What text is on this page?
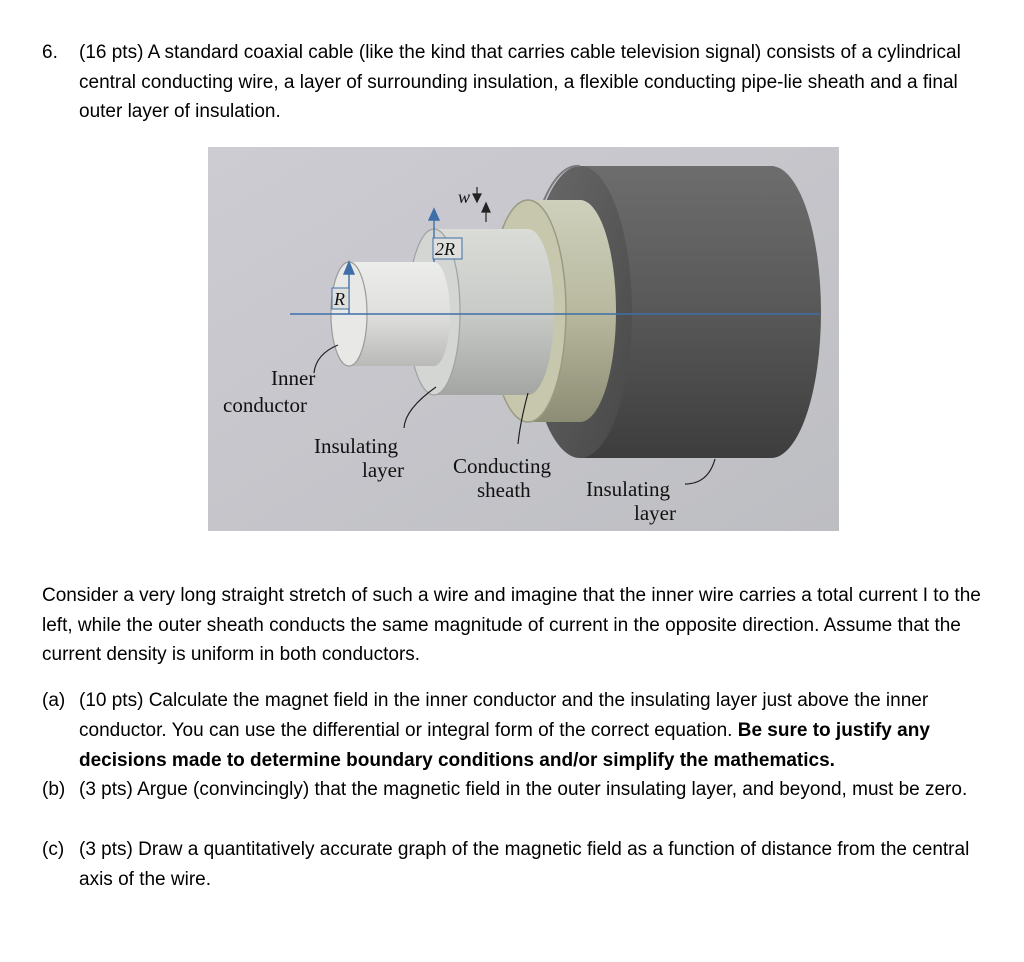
6. (16 pts) A standard coaxial cable (like the kind that carries cable television signal) consists of a cylindrical central conducting wire, a layer of surrounding insulation, a flexible conducting pipe-lie sheath and a final outer layer of insulation.
w
2R
R
Inner
conductor
Insulating
layer Conducting
sheath	Insulating
layer
Consider a very long straight stretch of such a wire and imagine that the inner wire carries a total current I to the left, while the outer sheath conducts the same magnitude of current in the opposite direction. Assume that the current density is uniform in both conductors.
(a) (10 pts) Calculate the magnet field in the inner conductor and the insulating layer just above the inner conductor. You can use the differential or integral form of the correct equation. Be sure to justify any decisions made to determine boundary conditions and/or simplify the mathematics.
(b) (3 pts) Argue (convincingly) that the magnetic field in the outer insulating layer, and beyond, must be zero.
(c) (3 pts) Draw a quantitatively accurate graph of the magnetic field as a function of distance from the central axis of the wire.
